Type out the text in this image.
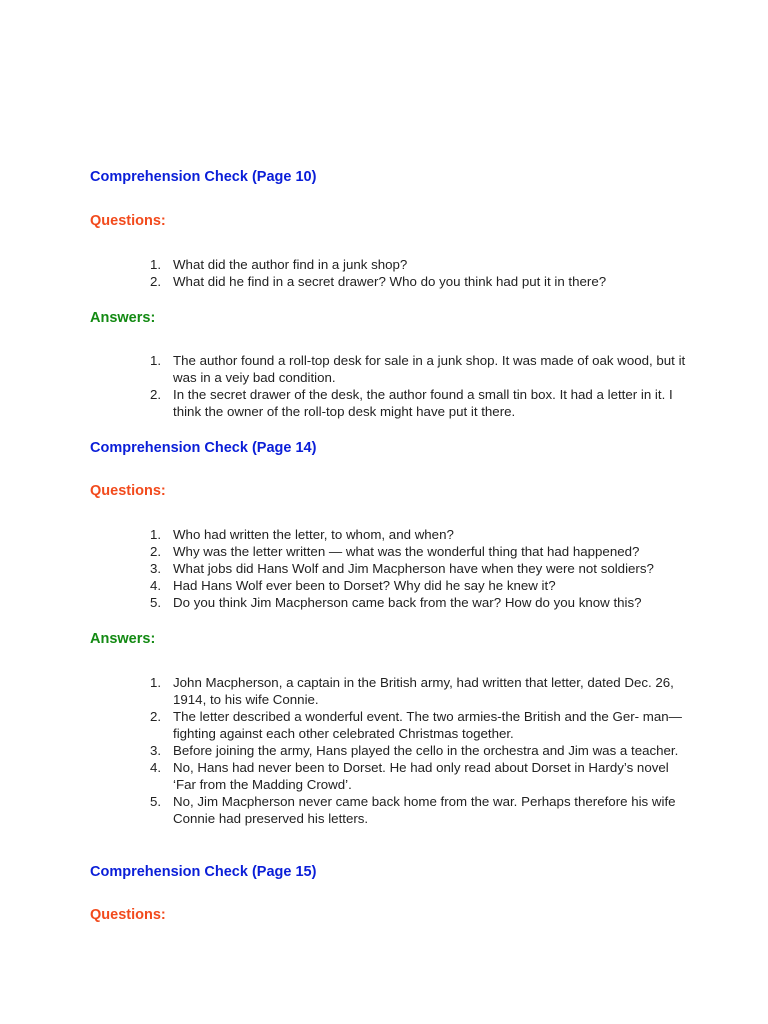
Comprehension Check (Page 10)
Questions:
1. What did the author find in a junk shop?
2. What did he find in a secret drawer? Who do you think had put it in there?
Answers:
1. The author found a roll-top desk for sale in a junk shop. It was made of oak wood, but it was in a veiy bad condition.
2. In the secret drawer of the desk, the author found a small tin box. It had a letter in it. I think the owner of the roll-top desk might have put it there.
Comprehension Check (Page 14)
Questions:
1. Who had written the letter, to whom, and when?
2. Why was the letter written — what was the wonderful thing that had happened?
3. What jobs did Hans Wolf and Jim Macpherson have when they were not soldiers?
4. Had Hans Wolf ever been to Dorset? Why did he say he knew it?
5. Do you think Jim Macpherson came back from the war? How do you know this?
Answers:
1. John Macpherson, a captain in the British army, had written that letter, dated Dec. 26, 1914, to his wife Connie.
2. The letter described a wonderful event. The two armies-the British and the Ger- man—fighting against each other celebrated Christmas together.
3. Before joining the army, Hans played the cello in the orchestra and Jim was a teacher.
4. No, Hans had never been to Dorset. He had only read about Dorset in Hardy’s novel ‘Far from the Madding Crowd’.
5. No, Jim Macpherson never came back home from the war. Perhaps therefore his wife Connie had preserved his letters.
Comprehension Check (Page 15)
Questions:
